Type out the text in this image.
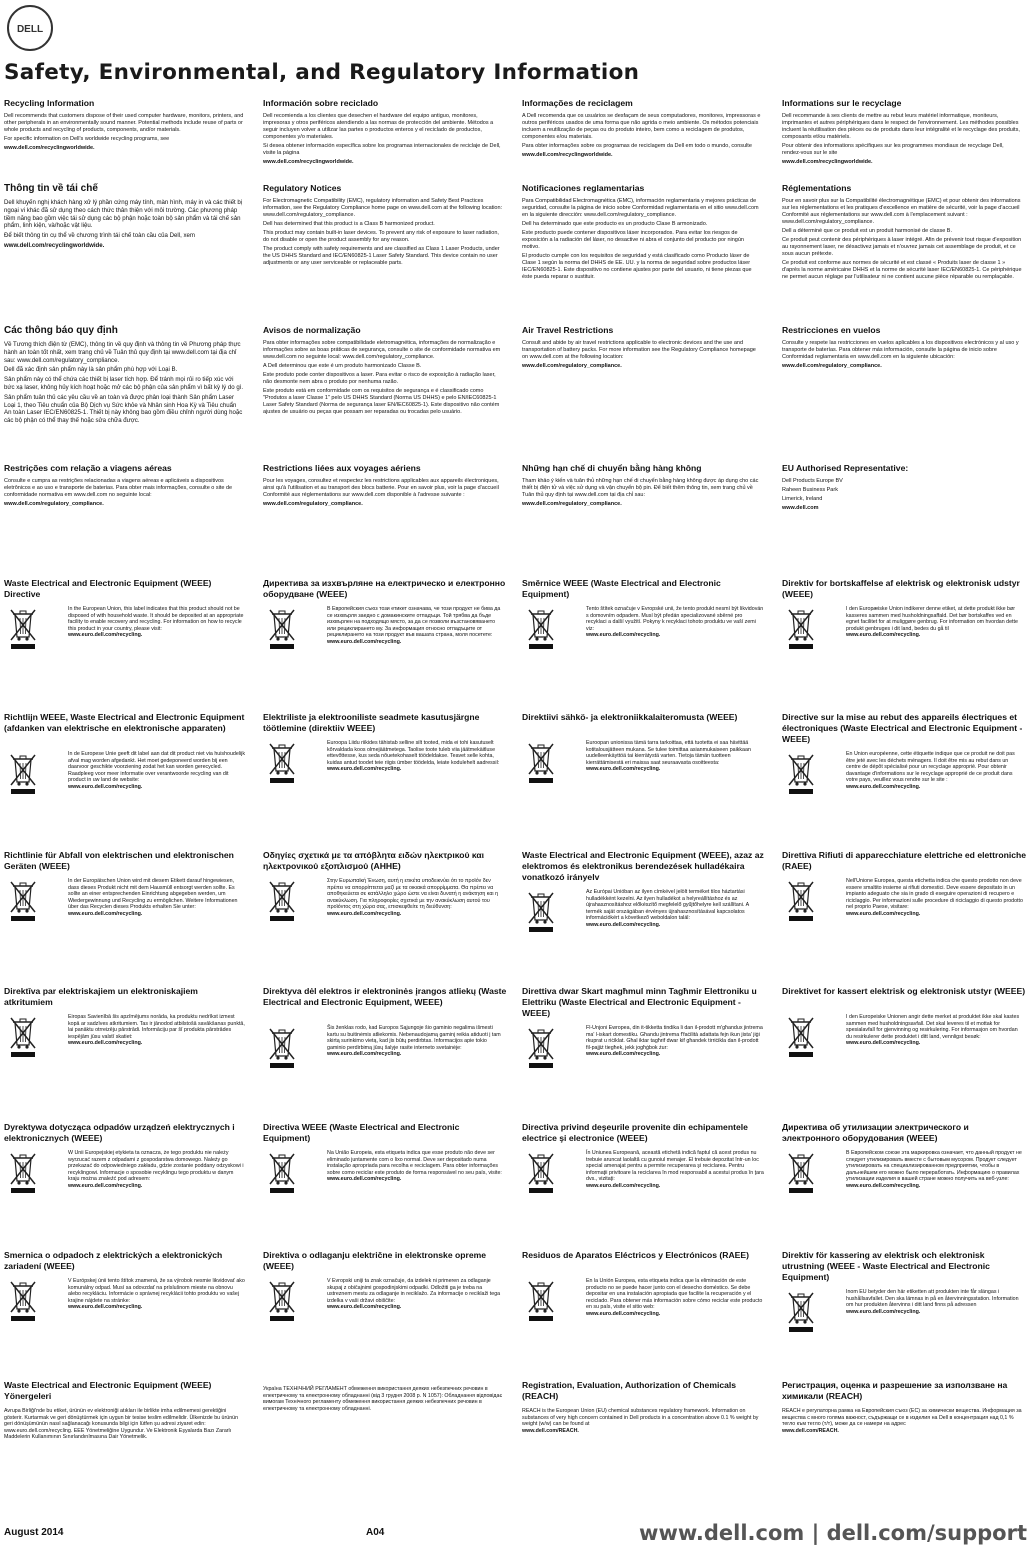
DELL
Safety, Environmental, and Regulatory Information
Recycling Information

Dell recommends that customers dispose of their used computer hardware, monitors, printers, and other peripherals in an environmentally sound manner. Potential methods include reuse of parts or whole products and recycling of products, components, and/or materials.

For specific information on Dell's worldwide recycling programs, see

www.dell.com/recyclingworldwide.

Información sobre reciclado

Dell recomienda a los clientes que desechen el hardware del equipo antiguo, monitores, impresoras y otros periféricos atendiendo a las normas de protección del ambiente. Métodos a seguir incluyen volver a utilizar las partes o productos enteros y el reciclado de productos, componentes y/o materiales.

Si desea obtener información específica sobre los programas internacionales de reciclaje de Dell, visite la página

www.dell.com/recyclingworldwide.

Informações de reciclagem

A Dell recomenda que os usuários se desfaçam de seus computadores, monitores, impressoras e outros periféricos usados de uma forma que não agrida o meio ambiente. Os métodos potenciais incluem a reutilização de peças ou do produto inteiro, bem como a reciclagem de produtos, componentes e/ou materiais.

Para obter informações sobre os programas de reciclagem da Dell em todo o mundo, consulte

www.dell.com/recyclingworldwide.

Informations sur le recyclage

Dell recommande à ses clients de mettre au rebut leurs matériel informatique, moniteurs, imprimantes et autres périphériques dans le respect de l'environnement. Les méthodes possibles incluent la réutilisation des pièces ou de produits dans leur intégralité et le recyclage des produits, composants et/ou matériels.

Pour obtenir des informations spécifiques sur les programmes mondiaux de recyclage Dell, rendez-vous sur le site

www.dell.com/recyclingworldwide.

Thông tin về tái chế

Dell khuyến nghị khách hàng xử lý phần cứng máy tính, màn hình, máy in và các thiết bị ngoại vi khác đã sử dụng theo cách thức thân thiện với môi trường. Các phương pháp tiềm năng bao gồm việc tái sử dụng các bộ phận hoặc toàn bộ sản phẩm và tái chế sản phẩm, linh kiện, và/hoặc vật liệu.

Để biết thông tin cụ thể về chương trình tái chế toàn cầu của Dell, xem

www.dell.com/recyclingworldwide.

Regulatory Notices

For Electromagnetic Compatibility (EMC), regulatory information and Safety Best Practices information, see the Regulatory Compliance home page on www.dell.com at the following location: www.dell.com/regulatory_compliance.

Dell has determined that this product is a Class B harmonized product.

This product may contain built-in laser devices. To prevent any risk of exposure to laser radiation, do not disable or open the product assembly for any reason.

The product comply with safety requirements and are classified as Class 1 Laser Products, under the US DHHS Standard and IEC/EN60825-1 Laser Safety Standard. This device contain no user adjustments or any user serviceable or replaceable parts.

Notificaciones reglamentarias

Para Compatibilidad Electromagnética (EMC), información reglamentaria y mejores prácticas de seguridad, consulte la página de inicio sobre Conformidad reglamentaria en el sitio www.dell.com en la siguiente dirección: www.dell.com/regulatory_compliance.

Dell ha determinado que este producto es un producto Clase B armonizado.

Este producto puede contener dispositivos láser incorporados. Para evitar los riesgos de exposición a la radiación del láser, no desactive ni abra el conjunto del producto por ningún motivo.

El producto cumple con los requisitos de seguridad y está clasificado como Producto láser de Clase 1 según la norma del DHHS de EE. UU. y la norma de seguridad sobre productos láser IEC/EN60825-1. Este dispositivo no contiene ajustes por parte del usuario, ni tiene piezas que éste pueda reparar o sustituir.

Réglementations

Pour en savoir plus sur la Compatibilité électromagnétique (EMC) et pour obtenir des informations sur les réglementations et les pratiques d'excellence en matière de sécurité, voir la page d'accueil Conformité aux réglementations sur www.dell.com à l'emplacement suivant : www.dell.com/regulatory_compliance.

Dell a déterminé que ce produit est un produit harmonisé de classe B.

Ce produit peut contenir des périphériques à laser intégré. Afin de prévenir tout risque d'exposition au rayonnement laser, ne désactivez jamais et n'ouvrez jamais cet assemblage de produit, et ce sous aucun prétexte.

Ce produit est conforme aux normes de sécurité et est classé « Produits laser de classe 1 » d'après la norme américaine DHHS et la norme de sécurité laser IEC/EN60825-1. Ce périphérique ne permet aucun réglage par l'utilisateur ni ne contient aucune pièce réparable ou remplaçable.

Các thông báo quy định

Về Tương thích điện từ (EMC), thông tin về quy định và thông tin về Phương pháp thực hành an toàn tốt nhất, xem trang chủ về Tuân thủ quy định tại www.dell.com tại địa chỉ sau: www.dell.com/regulatory_compliance.

Dell đã xác định sản phẩm này là sản phẩm phù hợp với Loại B.

Sản phẩm này có thể chứa các thiết bị laser tích hợp. Để tránh mọi rủi ro tiếp xúc với bức xạ laser, không hủy kích hoạt hoặc mở các bộ phận của sản phẩm vì bất kỳ lý do gì.

Sản phẩm tuân thủ các yêu cầu về an toàn và được phân loại thành Sản phẩm Laser Loại 1, theo Tiêu chuẩn của Bộ Dịch vụ Sức khỏe và Nhân sinh Hoa Kỳ và Tiêu chuẩn An toàn Laser IEC/EN60825-1. Thiết bị này không bao gồm điều chỉnh người dùng hoặc các bộ phận có thể thay thế hoặc sửa chữa được.

Avisos de normalização

Para obter informações sobre compatibilidade eletromagnética, informações de normalização e informações sobre as boas práticas de segurança, consulte o site de conformidade normativa em www.dell.com no seguinte local: www.dell.com/regulatory_compliance.

A Dell determinou que este é um produto harmonizado Classe B.

Este produto pode conter dispositivos a laser. Para evitar o risco de exposição à radiação laser, não desmonte nem abra o produto por nenhuma razão.

Este produto está em conformidade com os requisitos de segurança e é classificado como "Produtos a laser Classe 1" pelo US DHHS Standard (Norma US DHHS) e pelo EN/IEC60825-1 Laser Safety Standard (Norma de segurança laser EN/IEC60825-1). Este dispositivo não contém ajustes de usuário ou peças que possam ser reparadas ou trocadas pelo usuário.

Air Travel Restrictions

Consult and abide by air travel restrictions applicable to electronic devices and the use and transportation of battery packs. For more information see the Regulatory Compliance homepage on www.dell.com at the following location:

www.dell.com/regulatory_compliance.

Restricciones en vuelos

Consulte y respete las restricciones en vuelos aplicables a los dispositivos electrónicos y al uso y transporte de baterías. Para obtener más información, consulte la página de inicio sobre Conformidad reglamentaria en www.dell.com en la siguiente ubicación:

www.dell.com/regulatory_compliance.

Restrições com relação a viagens aéreas

Consulte e cumpra as restrições relacionadas a viagens aéreas e aplicáveis a dispositivos eletrônicos e ao uso e transporte de baterias. Para obter mais informações, consulte o site de conformidade normativa em www.dell.com no seguinte local:

www.dell.com/regulatory_compliance.

Restrictions liées aux voyages aériens

Pour les voyages, consultez et respectez les restrictions applicables aux appareils électroniques, ainsi qu'à l'utilisation et au transport des blocs batterie. Pour en savoir plus, voir la page d'accueil Conformité aux réglementations sur www.dell.com disponible à l'adresse suivante :

www.dell.com/regulatory_compliance.

Những hạn chế di chuyển bằng hàng không

Tham khảo ý kiến và tuân thủ những hạn chế di chuyển bằng hàng không được áp dụng cho các thiết bị điện tử và việc sử dụng và vận chuyển bộ pin. Để biết thêm thông tin, xem trang chủ về Tuân thủ quy định tại www.dell.com tại địa chỉ sau:

www.dell.com/regulatory_compliance.

EU Authorised Representative:

Dell Products Europe BV

Raheen Business Park

Limerick, Ireland

www.dell.com

Waste Electrical and Electronic Equipment (WEEE) Directive

In the European Union, this label indicates that this product should not be disposed of with household waste. It should be deposited at an appropriate facility to enable recovery and recycling. For information on how to recycle this product in your country, please visit:

www.euro.dell.com/recycling.

Директива за изхвърляне на електрическо и електронно оборудване (WEEE)

В Европейския съюз този етикет означава, че този продукт не бива да се изхвърля заедно с домакинските отпадъци. Той трябва да бъде изхвърлен на подходящо място, за да се позволи възстановяването или рециклирането му. За информация относно отпадъците от рециклирането на този продукт във вашата страна, моля посетете:

www.euro.dell.com/recycling.

Směrnice WEEE (Waste Electrical and Electronic Equipment)

Tento štítek označuje v Evropské unii, že tento produkt nesmí být likvidován s domovním odpadem. Musí být předán specializované sběrné pro recyklaci a další využití. Pokyny k recyklaci tohoto produktu ve vaší zemi viz:

www.euro.dell.com/recycling.

Direktiv for bortskaffelse af elektrisk og elektronisk udstyr (WEEE)

I den Europæiske Union indikerer denne etiket, at dette produkt ikke bør kasseres sammen med husholdningsaffald. Det bør bortskaffes ved en egnet facilitet for at muliggøre genbrug. For information om hvordan dette produkt genbruges i dit land, bedes du gå til

www.euro.dell.com/recycling.

Richtlijn WEEE, Waste Electrical and Electronic Equipment (afdanken van elektrische en elektronische apparaten)

In de Europese Unie geeft dit label aan dat dit product niet via huishoudelijk afval mag worden afgedankt. Het moet gedeponeerd worden bij een daarvoor geschikte voorziening zodat het kan worden gerecycled. Raadpleeg voor meer informatie over verantwoorde recycling van dit product in uw land de website:

www.euro.dell.com/recycling.

Elektriliste ja elektrooniliste seadmete kasutusjärgne töötlemine (direktiiv WEEE)

Euroopa Liidu riikides tähistab selline silt tooted, mida ei tohi kasutuselt kõrvaldada koos olmejäätmetega. Taolise toote tuleb viia jäätmekäitluse ettevõttesse, kus seda nõuetekohaselt töödeldakse. Teavet selle kohta, kuidas antud toodet teie riigis ümber töödelda, leiate kodulehelt aadressil:

www.euro.dell.com/recycling.

Direktiivi sähkö- ja elektroniikkalaiteromusta (WEEE)

Euroopan unionissa tämä tarra tarkoittaa, että tuotetta ei saa hävittää kotitalousjätteen mukana. Se tulee toimittaa asianmukaiseen paikkaan uudelleenkäyttöä tai kierrätystä varten. Tietoja tämän tuotteen kierrättämisestä eri maissa saat seuraavasta osoitteesta:

www.euro.dell.com/recycling.

Directive sur la mise au rebut des appareils électriques et électroniques (Waste Electrical and Electronic Equipment - WEEE)

En Union européenne, cette étiquette indique que ce produit ne doit pas être jeté avec les déchets ménagers. Il doit être mis au rebut dans un centre de dépôt spécialisé pour un recyclage approprié. Pour obtenir davantage d'informations sur le recyclage approprié de ce produit dans votre pays, veuillez vous rendre sur le site :

www.euro.dell.com/recycling.

Richtlinie für Abfall von elektrischen und elektronischen Geräten (WEEE)

In der Europäischen Union wird mit diesem Etikett darauf hingewiesen, dass dieses Produkt nicht mit dem Hausmüll entsorgt werden sollte. Es sollte an einer entsprechenden Einrichtung abgegeben werden, um Wiedergewinnung und Recycling zu ermöglichen. Weitere Informationen über das Recyclen dieses Produkts erhalten Sie unter:

www.euro.dell.com/recycling.

Οδηγίες σχετικά με τα απόβλητα ειδών ηλεκτρικού και ηλεκτρονικού εξοπλισμού (AHHE)

Στην Ευρωπαϊκή Ένωση, αυτή η ετικέτα υποδεικνύει ότι το προϊόν δεν πρέπει να απορρίπτεται μαζί με τα οικιακά απορρίμματα. Θα πρέπει να αποθηκεύεται σε κατάλληλο χώρο ώστε να είναι δυνατή η ανάκτηση και η ανακύκλωση. Για πληροφορίες σχετικά με την ανακύκλωση αυτού του προϊόντος στη χώρα σας, επισκεφθείτε τη διεύθυνση:

www.euro.dell.com/recycling.

Waste Electrical and Electronic Equipment (WEEE), azaz az elektromos és elektronikus berendezések hulladékaira vonatkozó irányelv

Az Európai Unióban az ilyen címkével jelölt terméket tilos háztartási hulladékként kezelni. Az ilyen hulladékot a helyreállításhoz és az újrahasznosításhoz előkészítő megfelelő gyűjtőhelyre kell szállítani. A termék saját országában érvényes újrahasznosításával kapcsolatos információkért a következő weboldalon talál:

www.euro.dell.com/recycling.

Direttiva Rifiuti di apparecchiature elettriche ed elettroniche (RAEE)

Nell'Unione Europea, questa etichetta indica che questo prodotto non deve essere smaltito insieme ai rifiuti domestici. Deve essere depositato in un impianto adeguato che sia in grado di eseguire operazioni di recupero e riciclaggio. Per informazioni sulle procedure di riciclaggio di questo prodotto nel proprio Paese, visitare:

www.euro.dell.com/recycling.

Direktīva par elektriskajiem un elektroniskajiem atkritumiem

Eiropas Savienībā šis apzīmējums norāda, ka produktu nedrīkst izmest kopā ar sadzīves atkritumiem. Tas ir jānodod atbilstošā savākšanas punktā, lai panāktu otrreizēju pārstrādi. Informāciju par šī produkta pārstrādes iespējām jūsu valstī skatiet:

www.euro.dell.com/recycling.

Direktyva dėl elektros ir elektroninės įrangos atliekų (Waste Electrical and Electronic Equipment, WEEE)

Šis ženklas rodo, kad Europos Sąjungoje šio gaminio negalima išmesti kartu su buitinėmis atliekomis. Nebenaudojamą gaminį reikia atiduoti į tam skirtą surinkimo vietą, kad jis būtų perdirbtas. Informacijos apie tokio gaminio perdirbimą jūsų šalyje rasite interneto svetainėje:

www.euro.dell.com/recycling.

Direttiva dwar Skart magħmul minn Tagħmir Elettroniku u Elettriku (Waste Electrical and Electronic Equipment - WEEE)

Fl-Unjoni Ewropea, din it-tikketta tindika li dan il-prodott m'għandux jintrema ma' l-iskart domestiku. Għandu jintrema f'faċilità adattata fejn ikun jista' jiġi rkuprat u riċiklat. Għal iktar tagħrif dwar kif għandek tirriċikla dan il-prodott fil-pajjiż tiegħek, jekk jogħġbok żur:

www.euro.dell.com/recycling.

Direktivet for kassert elektrisk og elektronisk utstyr (WEEE)

I den Europeiske Unionen angir dette merket at produktet ikke skal kastes sammen med husholdningsavfall. Det skal leveres til et mottak for spesialavfall for gjenvinning og resirkulering. For informasjon om hvordan du resirkulerer dette produktet i ditt land, vennligst besøk:

www.euro.dell.com/recycling.

Dyrektywa dotycząca odpadów urządzeń elektrycznych i elektronicznych (WEEE)

W Unii Europejskiej etykieta ta oznacza, że tego produktu nie należy wyrzucać razem z odpadami z gospodarstwa domowego. Należy go przekazać do odpowiedniego zakładu, gdzie zostanie poddany odzyskowi i recyklingowi. Informacje o sposobie recyklingu tego produktu w danym kraju można znaleźć pod adresem:

www.euro.dell.com/recycling.

Directiva WEEE (Waste Electrical and Electronic Equipment)

Na União Europeia, esta etiqueta indica que esse produto não deve ser eliminado juntamente com o lixo normal. Deve ser depositado numa instalação apropriada para recolha e reciclagem. Para obter informações sobre como reciclar este produto de forma responsável no seu país, visite:

www.euro.dell.com/recycling.

Directiva privind deşeurile provenite din echipamentele electrice şi electronice (WEEE)

În Uniunea Europeană, această etichetă indică faptul că acest produs nu trebuie aruncat laolaltă cu gunoiul menajer. El trebuie depozitat într-un loc special amenajat pentru a permite recuperarea şi reciclarea. Pentru informaţii privitoare la reciclarea în mod responsabil a acestui produs în ţara dvs., vizitaţi:

www.euro.dell.com/recycling.

Директива об утилизации электрического и электронного оборудования (WEEE)

В Европейском союзе эта маркировка означает, что данный продукт не следует утилизировать вместе с бытовым мусором. Продукт следует утилизировать на специализированном предприятии, чтобы в дальнейшем его можно было переработать. Информацию о правилах утилизации изделия в вашей стране можно получить на веб-узле:

www.euro.dell.com/recycling.

Smernica o odpadoch z elektrických a elektronických zariadení (WEEE)

V Európskej únii tento štítok znamená, že sa výrobok nesmie likvidovať ako komunálny odpad. Musí sa odovzdať na príslušnom mieste na obnovu alebo recykláciu. Informácie o správnej recyklácii tohto produktu vo vašej krajine nájdete na stránke:

www.euro.dell.com/recycling.

Direktiva o odlaganju električne in elektronske opreme (WEEE)

V Evropski uniji ta znak označuje, da izdelek ni primeren za odlaganje skupaj z običajnimi gospodinjskimi odpadki. Odložiti ga je treba na ustreznem mestu za odlaganje in reciklažo. Za informacije o reciklaži tega izdelka v vaši državi obiščite:

www.euro.dell.com/recycling.

Residuos de Aparatos Eléctricos y Electrónicos (RAEE)

En la Unión Europea, esta etiqueta indica que la eliminación de este producto no se puede hacer junto con el desecho doméstico. Se debe depositar en una instalación apropiada que facilite la recuperación y el reciclado. Para obtener más información sobre cómo reciclar este producto en su país, visite el sitio web:

www.euro.dell.com/recycling.

Direktiv för kassering av elektrisk och elektronisk utrustning (WEEE - Waste Electrical and Electronic Equipment)

Inom EU betyder den här etiketten att produkten inte får slängas i hushållsavfallet. Den ska lämnas in på en återvinningsstation. Information om hur produkten återvinns i ditt land finns på adressen

www.euro.dell.com/recycling.

Waste Electrical and Electronic Equipment (WEEE) Yönergeleri

Avrupa Birliği'nde bu etiket, ürünün ev elektroniği atıkları ile birlikte imha edilmemesi gerektiğini gösterir. Kurtarmak ve geri dönüştürmek için uygun bir tesise teslim edilmelidir. Ülkenizde bu ürünün geri dönüşümünün nasıl sağlanacağı konusunda bilgi için lütfen şu adresi ziyaret edin: www.euro.dell.com/recycling. EEE Yönetmeliğine Uygundur. Ve Elektronik Eşyalarda Bazı Zararlı Maddelerin Kullanımının Sınırlandırılmasına Dair Yönetmelik.

Україна ТЕХНІЧНИЙ РЕГЛАМЕНТ обмеження використання деяких небезпечних речовин в електричному та електронному обладнанні (від 3 грудня 2008 р. N 1057): Обладнання відповідає вимогам Технічного регламенту обмеження використання деяких небезпечних речовин в електричному та електронному обладнанні.

Registration, Evaluation, Authorization of Chemicals (REACH)

REACH is the European Union (EU) chemical substances regulatory framework. Information on substances of very high concern contained in Dell products in a concentration above 0.1 % weight by weight (w/w) can be found at

www.dell.com/REACH.

Регистрация, оценка и разрешение за използване на химикали (REACH)

REACH е регулаторна рамка на Европейския съюз (ЕС) за химически вещества. Информация за вещества с много голяма важност, съдържащи се в изделия на Dell в концентрация над 0,1 % тегло към тегло (т/т), може да се намери на адрес

www.dell.com/REACH.

August 2014	A04	www.dell.com | dell.com/support
